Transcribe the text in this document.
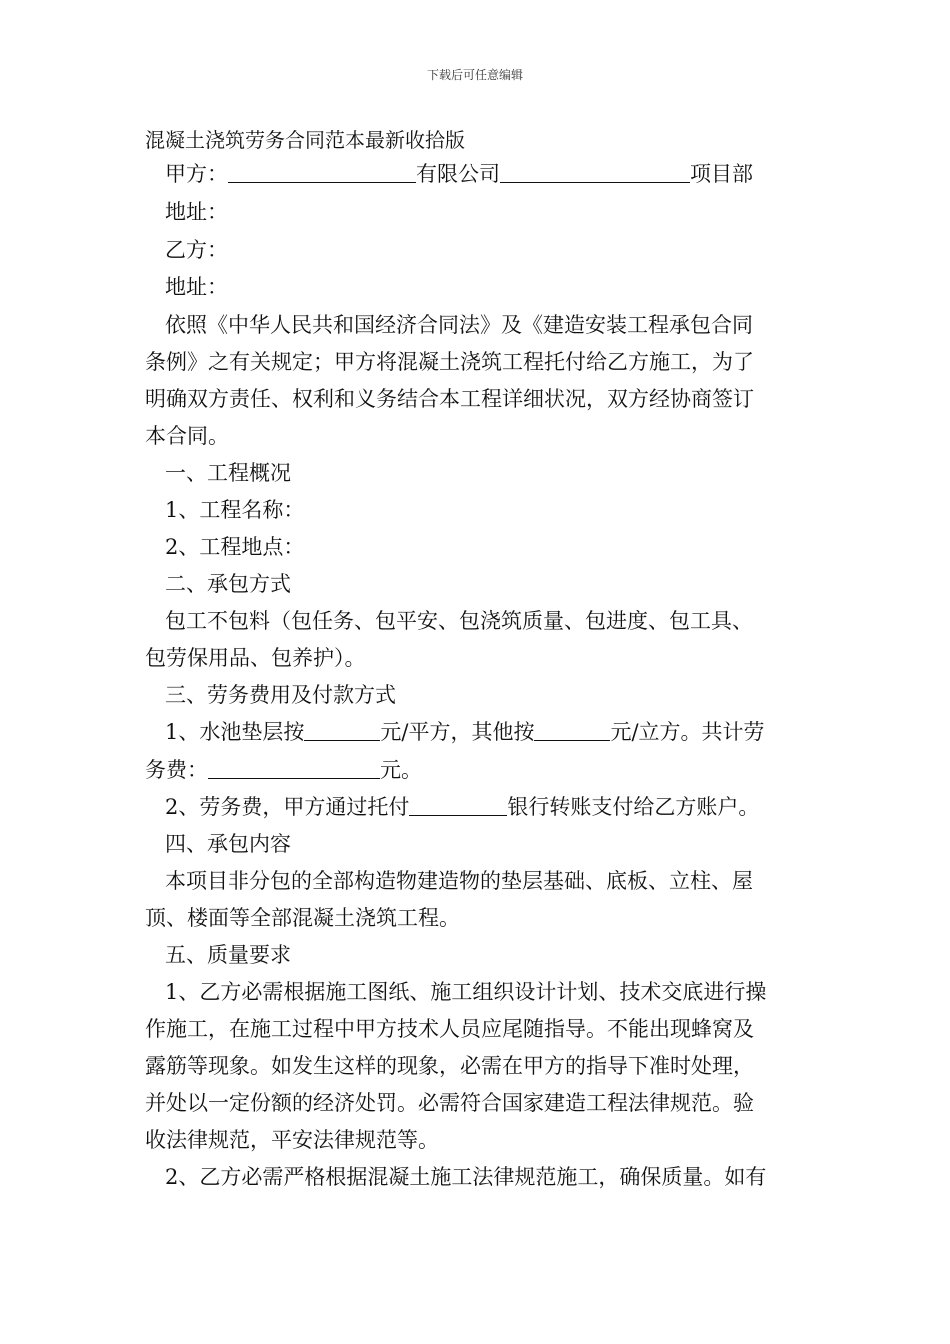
下载后可任意编辑
混凝土浇筑劳务合同范本最新收拾版
甲方：	有限公司	项目部
地址：
乙方：
地址：
依照《中华人民共和国经济合同法》及《建造安装工程承包合同
条例》之有关规定；甲方将混凝土浇筑工程托付给乙方施工，为了
明确双方责任、权利和义务结合本工程详细状况，双方经协商签订
本合同。
一、工程概况
1、工程名称：
2、工程地点：
二、承包方式
包工不包料（包任务、包平安、包浇筑质量、包进度、包工具、
包劳保用品、包养护）。
三、劳务费用及付款方式
1、水池垫层按	元/平方，其他按	元/立方。共计劳
务费：	元。
2、劳务费，甲方通过托付	银行转账支付给乙方账户。
四、承包内容
本项目非分包的全部构造物建造物的垫层基础、底板、立柱、屋
顶、楼面等全部混凝土浇筑工程。
五、质量要求
1、乙方必需根据施工图纸、施工组织设计计划、技术交底进行操
作施工，在施工过程中甲方技术人员应尾随指导。不能出现蜂窝及
露筋等现象。如发生这样的现象，必需在甲方的指导下准时处理，
并处以一定份额的经济处罚。必需符合国家建造工程法律规范。验
收法律规范，平安法律规范等。
2、乙方必需严格根据混凝土施工法律规范施工，确保质量。如有
